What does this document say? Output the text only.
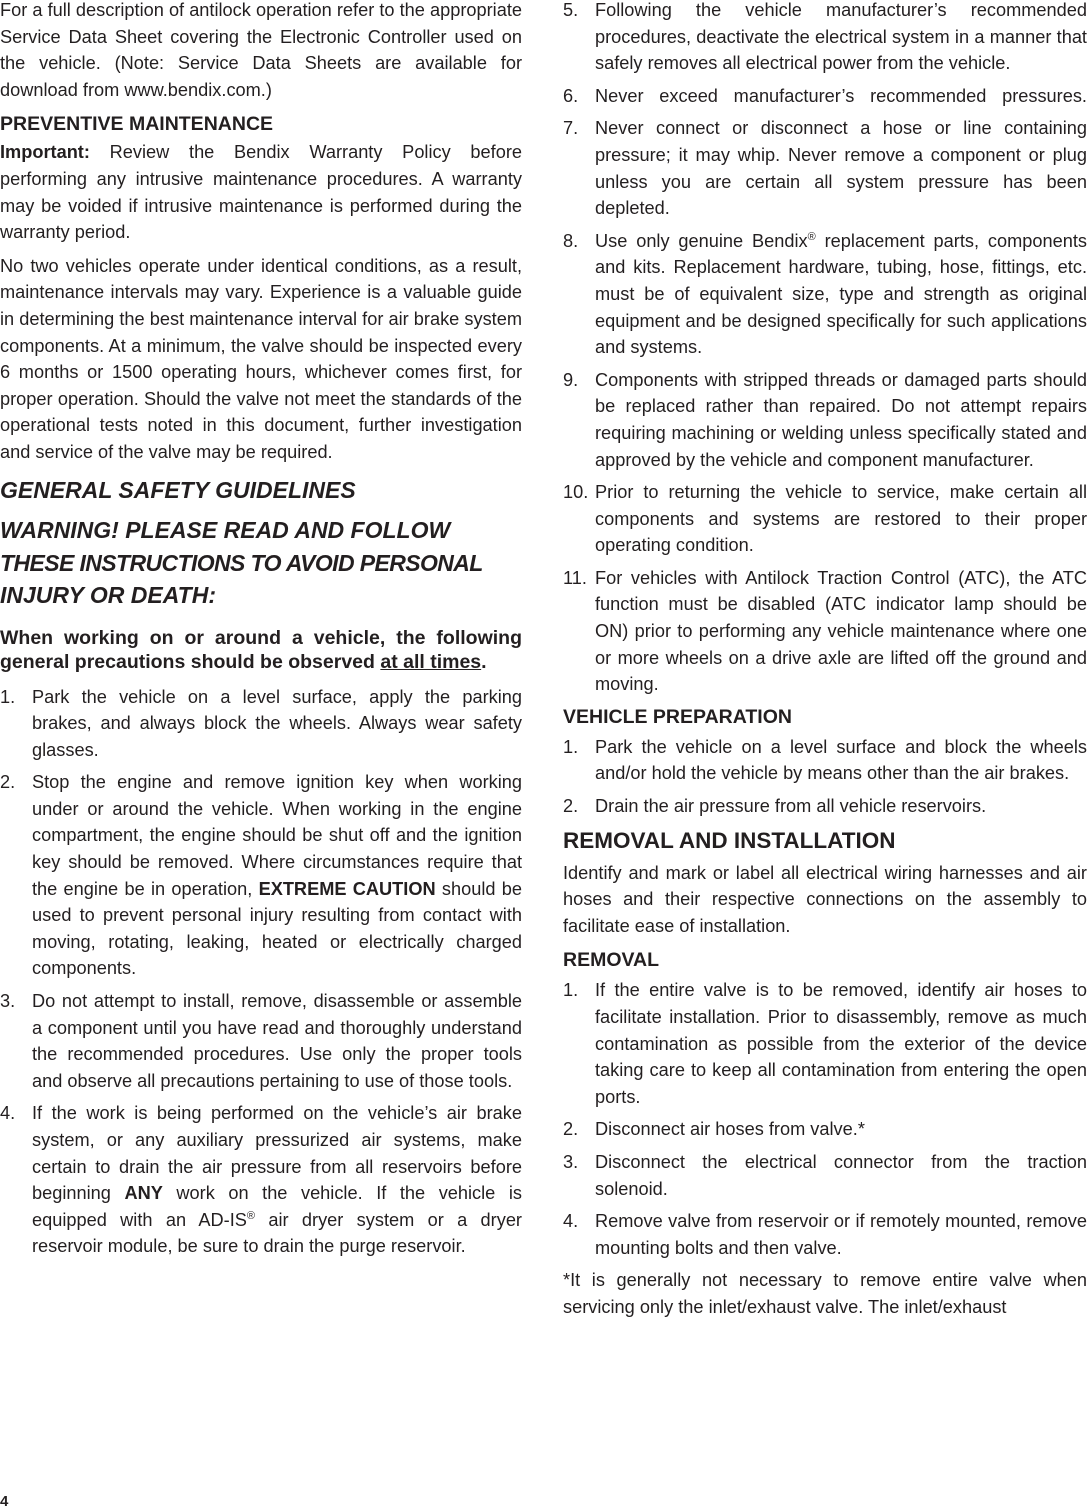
For a full description of antilock operation refer to the appropriate Service Data Sheet covering the Electronic Controller used on the vehicle. (Note: Service Data Sheets are available for download from www.bendix.com.)

PREVENTIVE MAINTENANCE

Important: Review the Bendix Warranty Policy before performing any intrusive maintenance procedures. A warranty may be voided if intrusive maintenance is performed during the warranty period.

No two vehicles operate under identical conditions, as a result, maintenance intervals may vary. Experience is a valuable guide in determining the best maintenance interval for air brake system components. At a minimum, the valve should be inspected every 6 months or 1500 operating hours, whichever comes first, for proper operation. Should the valve not meet the standards of the operational tests noted in this document, further investigation and service of the valve may be required.

GENERAL SAFETY GUIDELINES
WARNING! PLEASE READ AND FOLLOW
THESE INSTRUCTIONS TO AVOID PERSONAL
INJURY OR DEATH:

When working on or around a vehicle, the following general precautions should be observed at all times.

1. Park the vehicle on a level surface, apply the parking brakes, and always block the wheels. Always wear safety glasses.

2. Stop the engine and remove ignition key when working under or around the vehicle. When working in the engine compartment, the engine should be shut off and the ignition key should be removed. Where circumstances require that the engine be in operation, EXTREME CAUTION should be used to prevent personal injury resulting from contact with moving, rotating, leaking, heated or electrically charged components.

3. Do not attempt to install, remove, disassemble or assemble a component until you have read and thoroughly understand the recommended procedures. Use only the proper tools and observe all precautions pertaining to use of those tools.

4. If the work is being performed on the vehicle’s air brake system, or any auxiliary pressurized air systems, make certain to drain the air pressure from all reservoirs before beginning ANY work on the vehicle. If the vehicle is equipped with an AD-IS® air dryer system or a dryer reservoir module, be sure to drain the purge reservoir.

5. Following the vehicle manufacturer’s recommended procedures, deactivate the electrical system in a manner that safely removes all electrical power from the vehicle.

6. Never exceed manufacturer’s recommended pressures.

7. Never connect or disconnect a hose or line containing pressure; it may whip. Never remove a component or plug unless you are certain all system pressure has been depleted.

8. Use only genuine Bendix® replacement parts, components and kits. Replacement hardware, tubing, hose, fittings, etc. must be of equivalent size, type and strength as original equipment and be designed specifically for such applications and systems.

9. Components with stripped threads or damaged parts should be replaced rather than repaired. Do not attempt repairs requiring machining or welding unless specifically stated and approved by the vehicle and component manufacturer.

10. Prior to returning the vehicle to service, make certain all components and systems are restored to their proper operating condition.

11. For vehicles with Antilock Traction Control (ATC), the ATC function must be disabled (ATC indicator lamp should be ON) prior to performing any vehicle maintenance where one or more wheels on a drive axle are lifted off the ground and moving.

VEHICLE PREPARATION
1. Park the vehicle on a level surface and block the wheels and/or hold the vehicle by means other than the air brakes.

2. Drain the air pressure from all vehicle reservoirs.

REMOVAL AND INSTALLATION

Identify and mark or label all electrical wiring harnesses and air hoses and their respective connections on the assembly to facilitate ease of installation.

REMOVAL
1. If the entire valve is to be removed, identify air hoses to facilitate installation. Prior to disassembly, remove as much contamination as possible from the exterior of the device taking care to keep all contamination from entering the open ports.

2. Disconnect air hoses from valve.*

3. Disconnect the electrical connector from the traction solenoid.

4. Remove valve from reservoir or if remotely mounted, remove mounting bolts and then valve.

*It is generally not necessary to remove entire valve when servicing only the inlet/exhaust valve. The inlet/exhaust

4
